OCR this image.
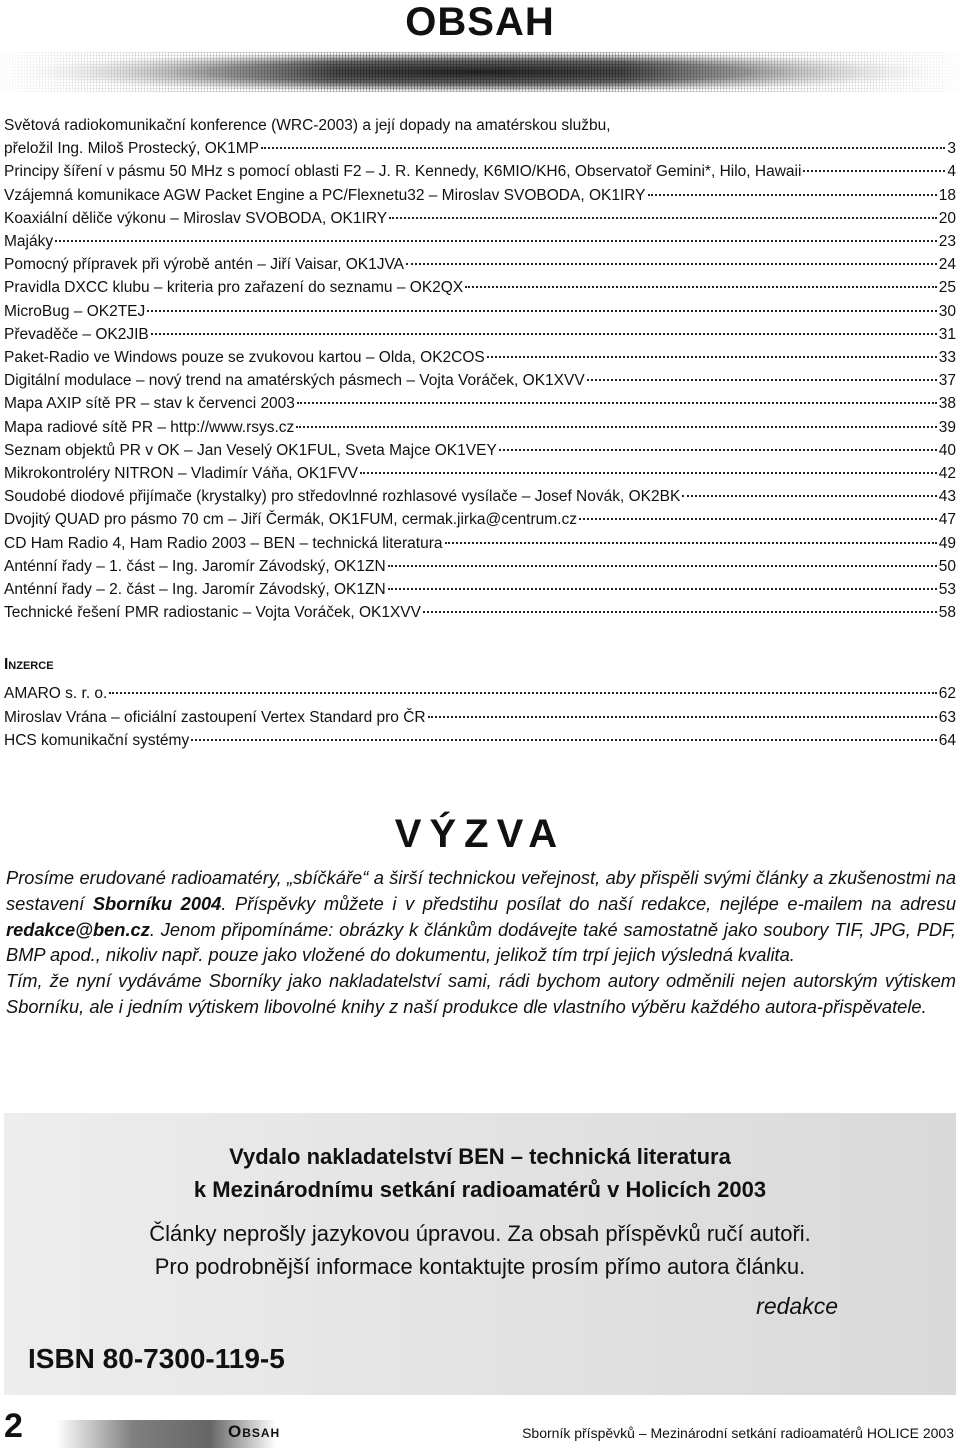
OBSAH
Světová radiokomunikační konference (WRC-2003) a její dopady na amatérskou službu,
přeložil Ing. Miloš Prostecký, OK1MP	3
Principy šíření v pásmu 50 MHz s pomocí oblasti F2 – J. R. Kennedy, K6MIO/KH6, Observatoř Gemini*, Hilo, Hawaii	4
Vzájemná komunikace AGW Packet Engine a PC/Flexnetu32 – Miroslav SVOBODA, OK1IRY	18
Koaxiální děliče výkonu – Miroslav SVOBODA, OK1IRY	20
Majáky	23
Pomocný přípravek při výrobě antén – Jiří Vaisar, OK1JVA	24
Pravidla DXCC klubu – kriteria pro zařazení do seznamu – OK2QX	25
MicroBug – OK2TEJ	30
Převaděče – OK2JIB	31
Paket-Radio ve Windows pouze se zvukovou kartou – Olda, OK2COS	33
Digitální modulace – nový trend na amatérských pásmech – Vojta Voráček, OK1XVV	37
Mapa AXIP sítě PR – stav k červenci 2003	38
Mapa radiové sítě PR – http://www.rsys.cz	39
Seznam objektů PR v OK – Jan Veselý OK1FUL, Sveta Majce OK1VEY	40
Mikrokontroléry NITRON – Vladimír Váňa, OK1FVV	42
Soudobé diodové přijímače (krystalky) pro středovlnné rozhlasové vysílače – Josef Novák, OK2BK	43
Dvojitý QUAD pro pásmo 70 cm – Jiří Čermák, OK1FUM, cermak.jirka@centrum.cz	47
CD Ham Radio 4, Ham Radio 2003 – BEN – technická literatura	49
Anténní řady – 1. část – Ing. Jaromír Závodský, OK1ZN	50
Anténní řady – 2. část – Ing. Jaromír Závodský, OK1ZN	53
Technické řešení PMR radiostanic – Vojta Voráček, OK1XVV	58
Inzerce
AMARO s. r. o.	62
Miroslav Vrána – oficiální zastoupení Vertex Standard pro ČR	63
HCS komunikační systémy	64
VÝZVA

Prosíme erudované radioamatéry, „sbíčkáře“ a širší technickou veřejnost, aby přispěli svými články a zkušenostmi na sestavení Sborníku 2004. Příspěvky můžete i v předstihu posílat do naší redakce, nejlépe e-mailem na adresu redakce@ben.cz. Jenom připomínáme: obrázky k článkům dodávejte také samostatně jako soubory TIF, JPG, PDF, BMP apod., nikoliv např. pouze jako vložené do dokumentu, jelikož tím trpí jejich výsledná kvalita.

Tím, že nyní vydáváme Sborníky jako nakladatelství sami, rádi bychom autory odměnili nejen autorským výtiskem Sborníku, ale i jedním výtiskem libovolné knihy z naší produkce dle vlastního výběru každého autora-přispěvatele.

Vydalo nakladatelství BEN – technická literatura
k Mezinárodnímu setkání radioamatérů v Holicích 2003
Články neprošly jazykovou úpravou. Za obsah příspěvků ručí autoři.
Pro podrobnější informace kontaktujte prosím přímo autora článku.
redakce
ISBN 80-7300-119-5
2	Obsah	Sborník příspěvků – Mezinárodní setkání radioamatérů HOLICE 2003
